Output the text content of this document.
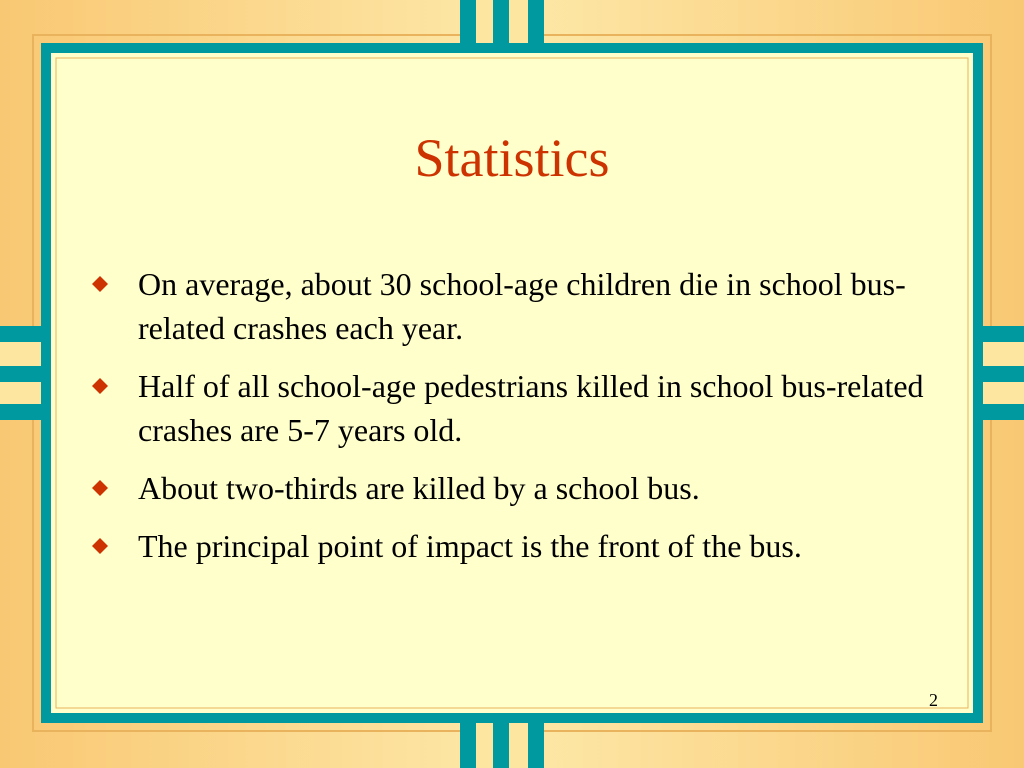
Statistics
On average, about 30 school-age children die in school bus-related crashes each year.
Half of all school-age pedestrians killed in school bus-related crashes are 5-7 years old.
About two-thirds are killed by a school bus.
The principal point of impact is the front of the bus.
2
